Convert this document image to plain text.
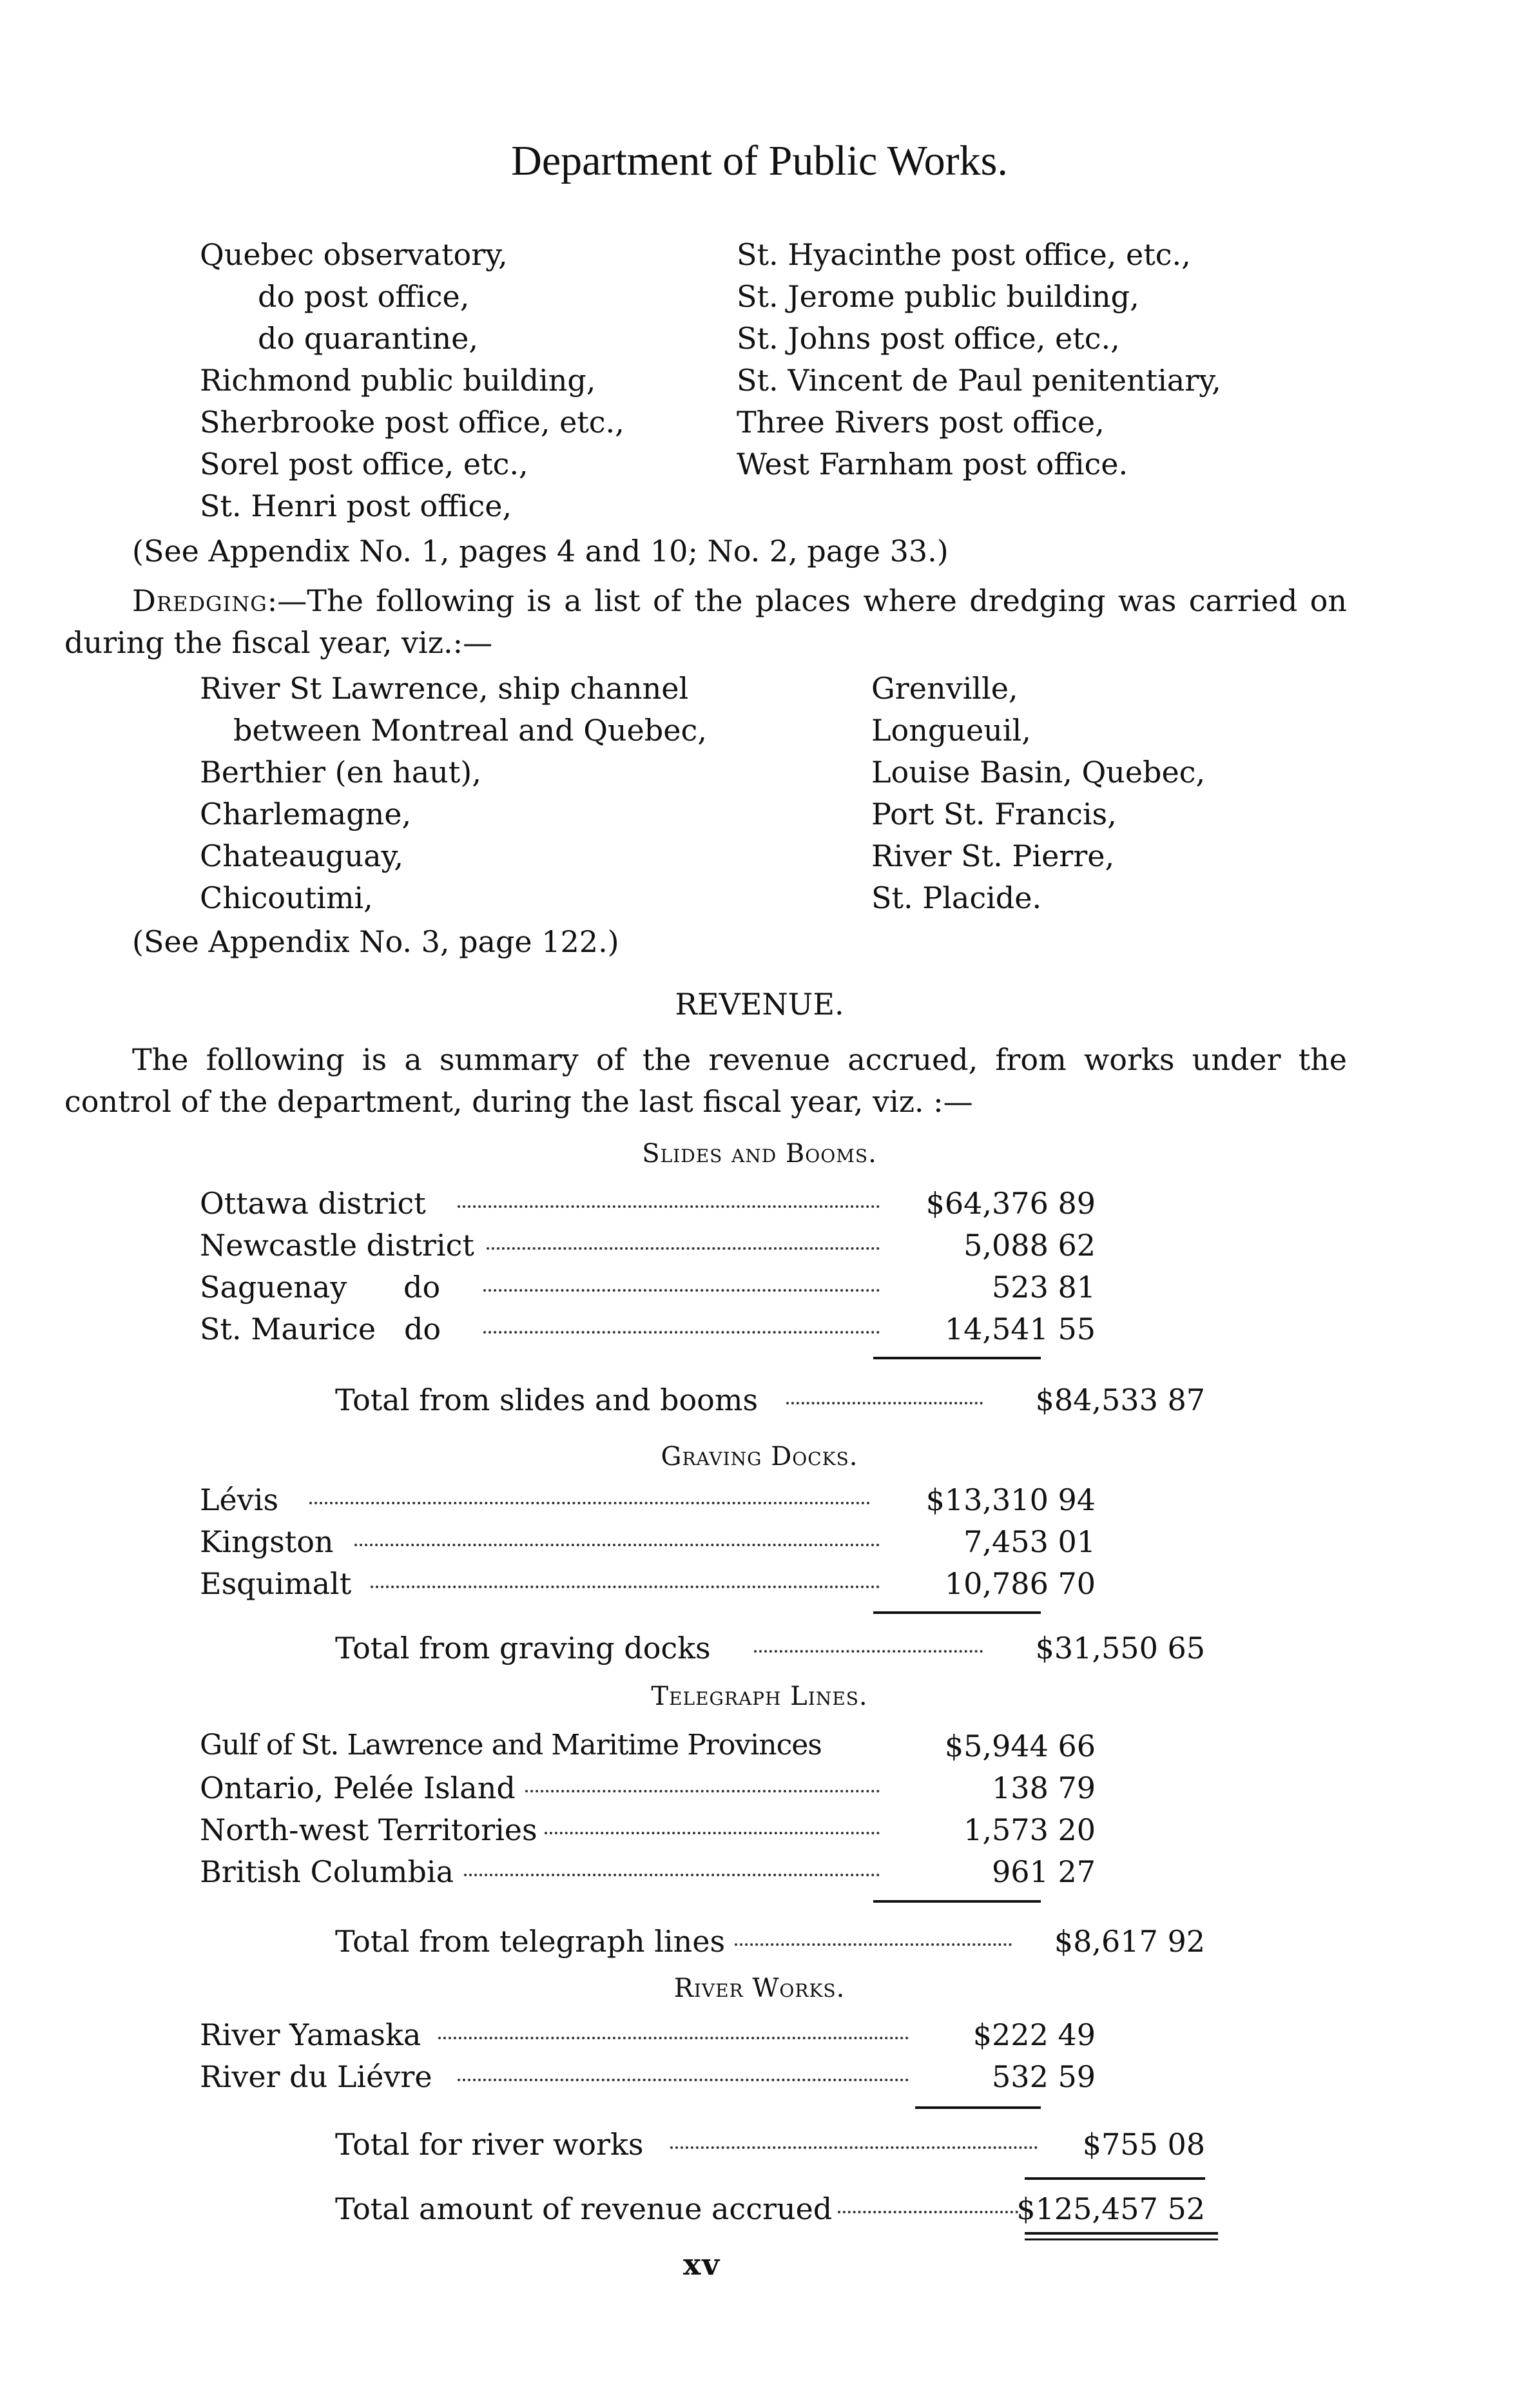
Department of Public Works.
Quebec observatory,
do post office,
do quarantine,
Richmond public building,
Sherbrooke post office, etc.,
Sorel post office, etc.,
St. Henri post office,
St. Hyacinthe post office, etc.,
St. Jerome public building,
St. Johns post office, etc.,
St. Vincent de Paul penitentiary,
Three Rivers post office,
West Farnham post office.
(See Appendix No. 1, pages 4 and 10; No. 2, page 33.)
Dredging:—The following is a list of the places where dredging was carried on during the fiscal year, viz.:—
River St Lawrence, ship channel
between Montreal and Quebec,
Berthier (en haut),
Charlemagne,
Chateauguay,
Chicoutimi,
Grenville,
Longueuil,
Louise Basin, Quebec,
Port St. Francis,
River St. Pierre,
St. Placide.
(See Appendix No. 3, page 122.)
REVENUE.
The following is a summary of the revenue accrued, from works under the control of the department, during the last fiscal year, viz. :—
Slides and Booms.
Ottawa district	$64,376 89
Newcastle district	5,088 62
Saguenay      do	523 81
St. Maurice   do	14,541 55
Total from slides and booms	$84,533 87
Graving Docks.
Lévis	$13,310 94
Kingston	7,453 01
Esquimalt	10,786 70
Total from graving docks	$31,550 65
Telegraph Lines.
Gulf of St. Lawrence and Maritime Provinces	$5,944 66
Ontario, Pelée Island	138 79
North-west Territories	1,573 20
British Columbia	961 27
Total from telegraph lines	$8,617 92
River Works.
River Yamaska	$222 49
River du Liévre	532 59
Total for river works	$755 08
Total amount of revenue accrued	$125,457 52
xv
